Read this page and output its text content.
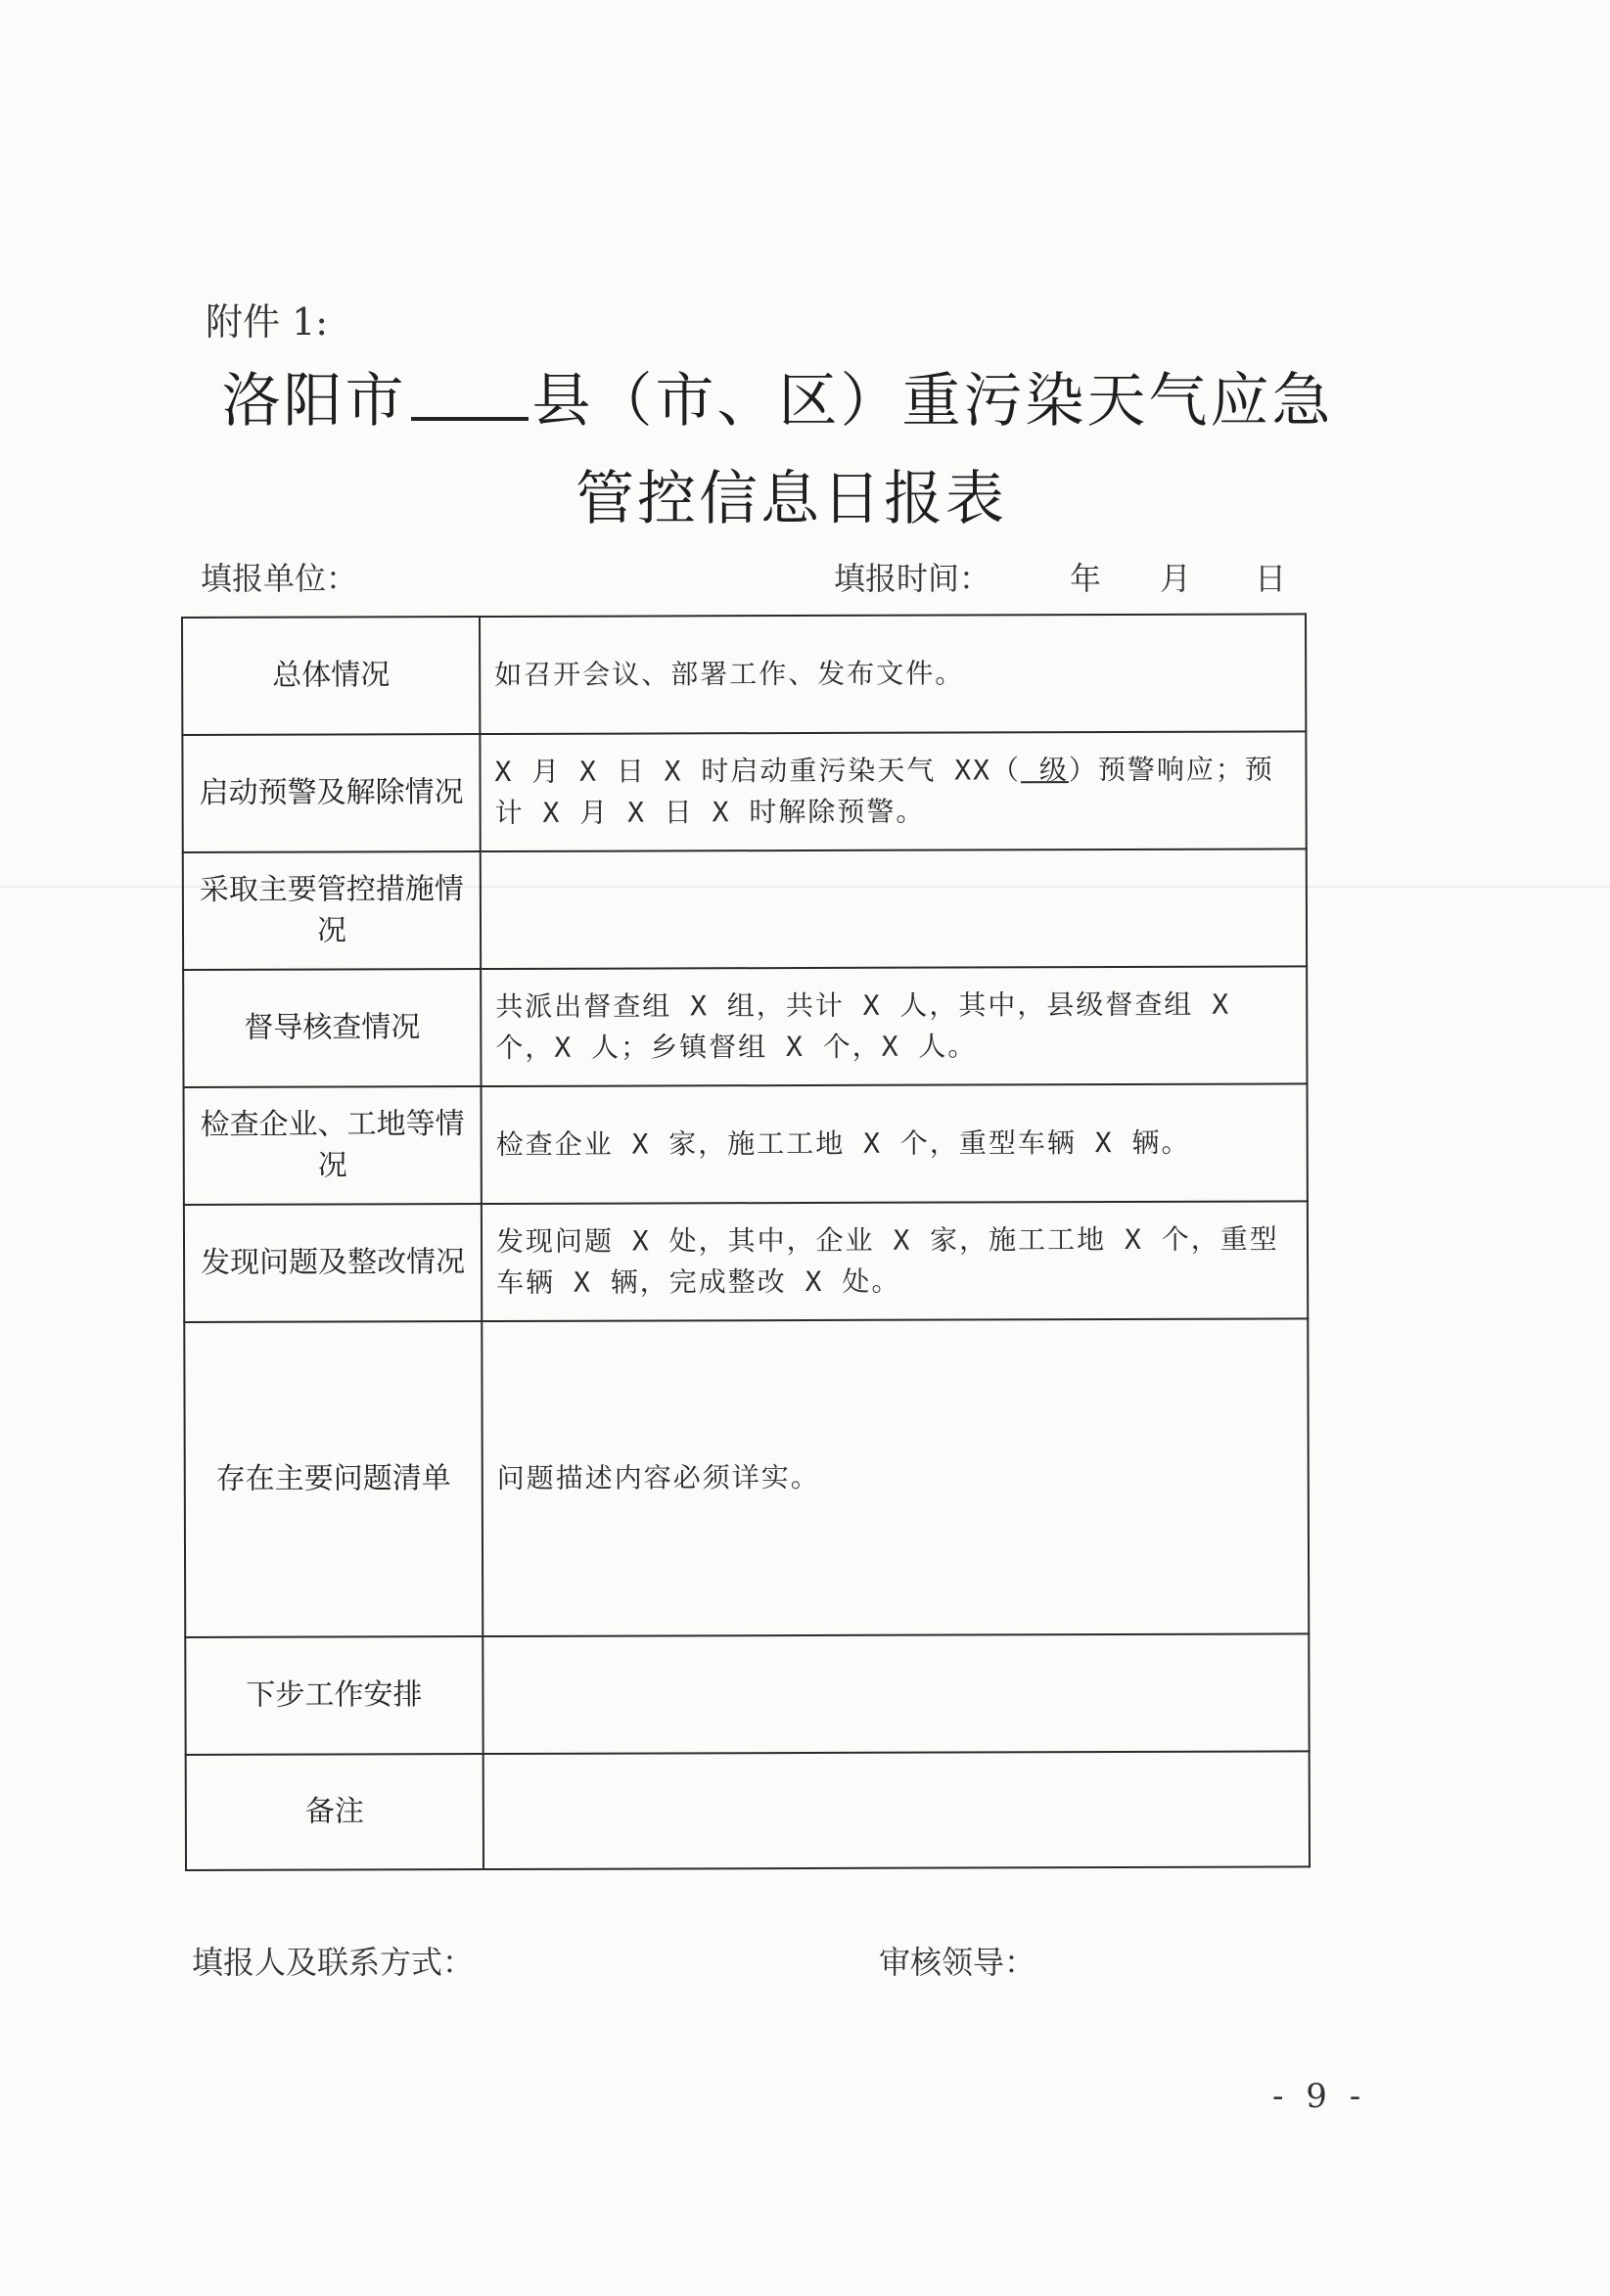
附件 1:
洛阳市 县（市、区）重污染天气应急
管控信息日报表
填报单位：	填报时间：	年 月 日
总体情况	如召开会议、部署工作、发布文件。
启动预警及解除情况	X 月 X 日 X 时启动重污染天气 XX（ 级）预警响应；预计 X 月 X 日 X 时解除预警。
采取主要管控措施情况	
督导核查情况	共派出督查组 X 组，共计 X 人，其中，县级督查组 X 个，X 人；乡镇督组 X 个，X 人。
检查企业、工地等情况	检查企业 X 家，施工工地 X 个，重型车辆 X 辆。
发现问题及整改情况	发现问题 X 处，其中，企业 X 家，施工工地 X 个，重型车辆 X 辆，完成整改 X 处。
存在主要问题清单	问题描述内容必须详实。
下步工作安排	
备注	
填报人及联系方式：	审核领导：
- 9 -
